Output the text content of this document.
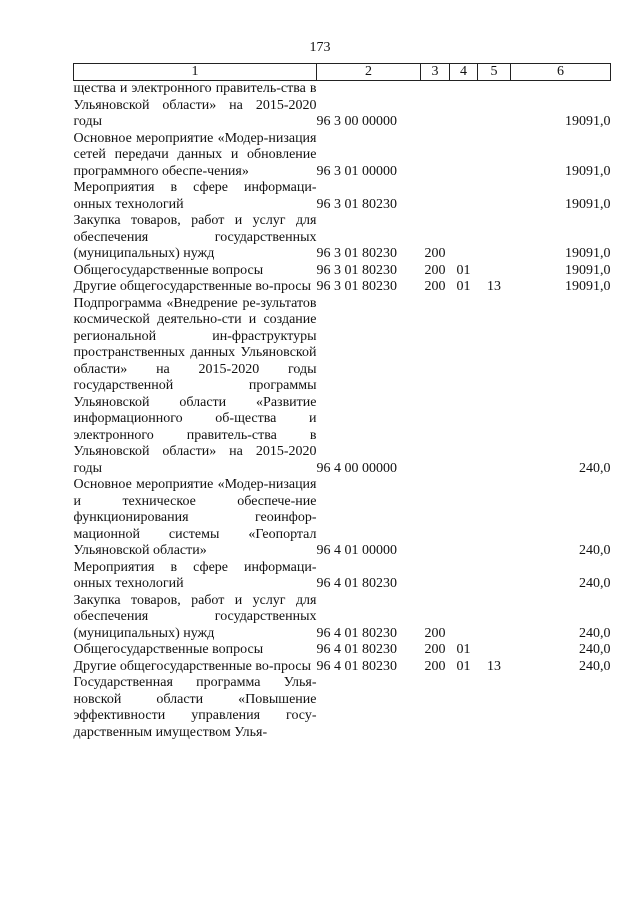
173
1	2	3	4	5	6
щества и электронного правитель-ства в Ульяновской области» на 2015-2020 годы	96 3 00 00000				19091,0
Основное мероприятие «Модер-низация сетей передачи данных и обновление программного обеспе-чения»	96 3 01 00000				19091,0
Мероприятия в сфере информаци-онных технологий	96 3 01 80230				19091,0
Закупка товаров, работ и услуг для обеспечения государственных (муниципальных) нужд	96 3 01 80230	200			19091,0
Общегосударственные вопросы	96 3 01 80230	200	01		19091,0
Другие общегосударственные во-просы	96 3 01 80230	200	01	13	19091,0
Подпрограмма «Внедрение ре-зультатов космической деятельно-сти и создание региональной ин-фраструктуры пространственных данных Ульяновской области» на 2015-2020 годы государственной программы Ульяновской области «Развитие информационного об-щества и электронного правитель-ства в Ульяновской области» на 2015-2020 годы	96 4 00 00000				240,0
Основное мероприятие «Модер-низация и техническое обеспече-ние функционирования геоинфор-мационной системы «Геопортал Ульяновской области»	96 4 01 00000				240,0
Мероприятия в сфере информаци-онных технологий	96 4 01 80230				240,0
Закупка товаров, работ и услуг для обеспечения государственных (муниципальных) нужд	96 4 01 80230	200			240,0
Общегосударственные вопросы	96 4 01 80230	200	01		240,0
Другие общегосударственные во-просы	96 4 01 80230	200	01	13	240,0
Государственная программа Улья-новской области «Повышение эффективности управления госу-дарственным имуществом Улья-					
